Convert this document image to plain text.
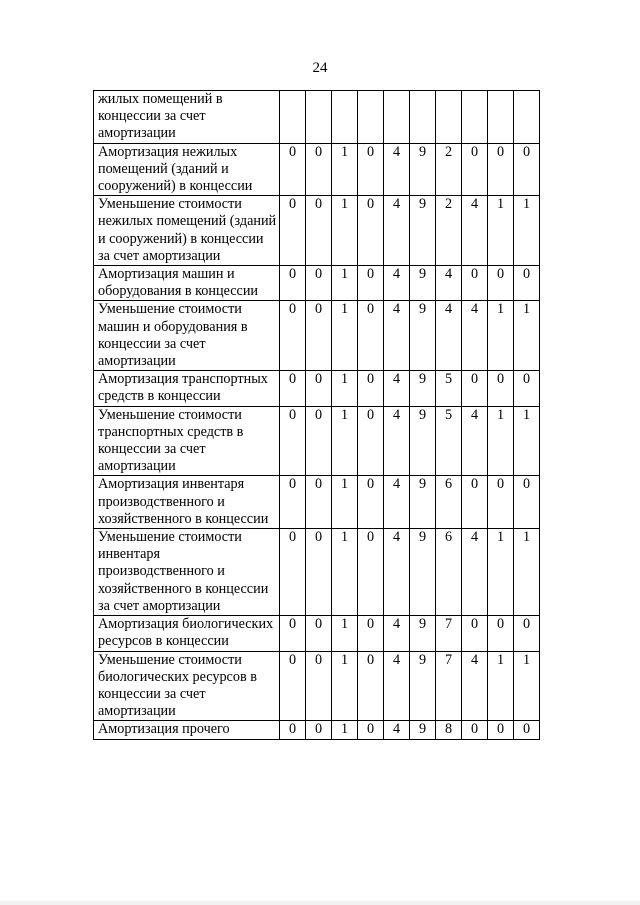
24
жилых помещений в концессии за счет амортизации										
Амортизация нежилых помещений (зданий и сооружений) в концессии	0	0	1	0	4	9	2	0	0	0
Уменьшение стоимости нежилых помещений (зданий и сооружений) в концессии за счет амортизации	0	0	1	0	4	9	2	4	1	1
Амортизация машин и оборудования в концессии	0	0	1	0	4	9	4	0	0	0
Уменьшение стоимости машин и оборудования в концессии за счет амортизации	0	0	1	0	4	9	4	4	1	1
Амортизация транспортных средств в концессии	0	0	1	0	4	9	5	0	0	0
Уменьшение стоимости транспортных средств в концессии за счет амортизации	0	0	1	0	4	9	5	4	1	1
Амортизация инвентаря производственного и хозяйственного в концессии	0	0	1	0	4	9	6	0	0	0
Уменьшение стоимости инвентаря производственного и хозяйственного в концессии за счет амортизации	0	0	1	0	4	9	6	4	1	1
Амортизация биологических ресурсов в концессии	0	0	1	0	4	9	7	0	0	0
Уменьшение стоимости биологических ресурсов в концессии за счет амортизации	0	0	1	0	4	9	7	4	1	1
Амортизация прочего	0	0	1	0	4	9	8	0	0	0
